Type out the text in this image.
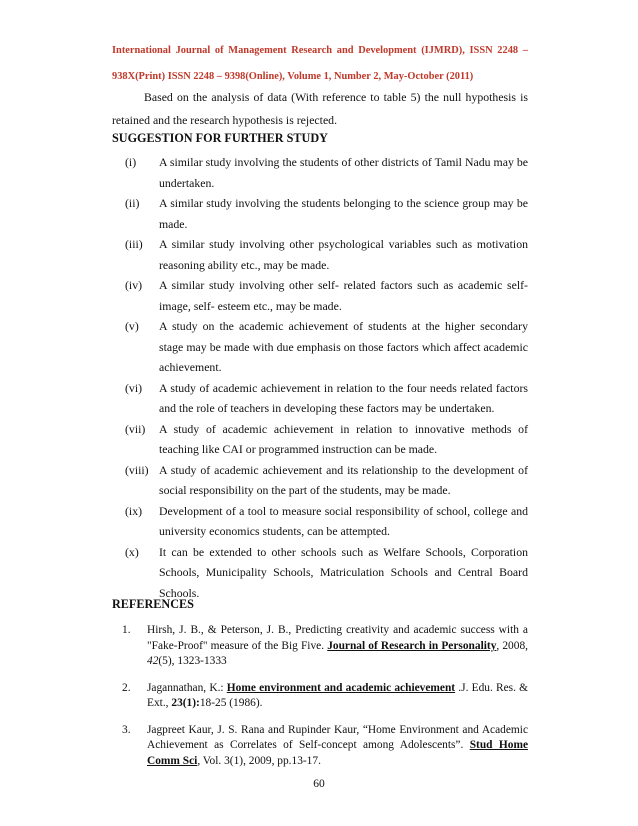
International Journal of Management Research and Development (IJMRD), ISSN 2248 –
938X(Print) ISSN 2248 – 9398(Online), Volume 1, Number 2, May-October (2011)
Based on the analysis of data (With reference to table 5) the null hypothesis is
retained and the research hypothesis is rejected.
SUGGESTION FOR FURTHER STUDY
(i)	A similar study involving the students of other districts of Tamil Nadu may be undertaken.
(ii)	A similar study involving the students belonging to the science group may be made.
(iii)	A similar study involving other psychological variables such as motivation reasoning ability etc., may be made.
(iv)	A similar study involving other self- related factors such as academic self-image, self- esteem etc., may be made.
(v)	A study on the academic achievement of students at the higher secondary stage may be made with due emphasis on those factors which affect academic achievement.
(vi)	A study of academic achievement in relation to the four needs related factors and the role of teachers in developing these factors may be undertaken.
(vii)	A study of academic achievement in relation to innovative methods of teaching like CAI or programmed instruction can be made.
(viii) A study of academic achievement and its relationship to the development of social responsibility on the part of the students, may be made.
(ix)	Development of a tool to measure social responsibility of school, college and university economics students, can be attempted.
(x)	It can be extended to other schools such as Welfare Schools, Corporation Schools, Municipality Schools, Matriculation Schools and Central Board Schools.
REFERENCES
1.	Hirsh, J. B., & Peterson, J. B., Predicting creativity and academic success with a "Fake-Proof" measure of the Big Five. Journal of Research in Personality, 2008, 42(5), 1323-1333
2.	Jagannathan, K.: Home environment and academic achievement .J. Edu. Res. & Ext., 23(1):18-25 (1986).
3.	Jagpreet Kaur, J. S. Rana and Rupinder Kaur, “Home Environment and Academic Achievement as Correlates of Self-concept among Adolescents”. Stud Home Comm Sci, Vol. 3(1), 2009, pp.13-17.
60
